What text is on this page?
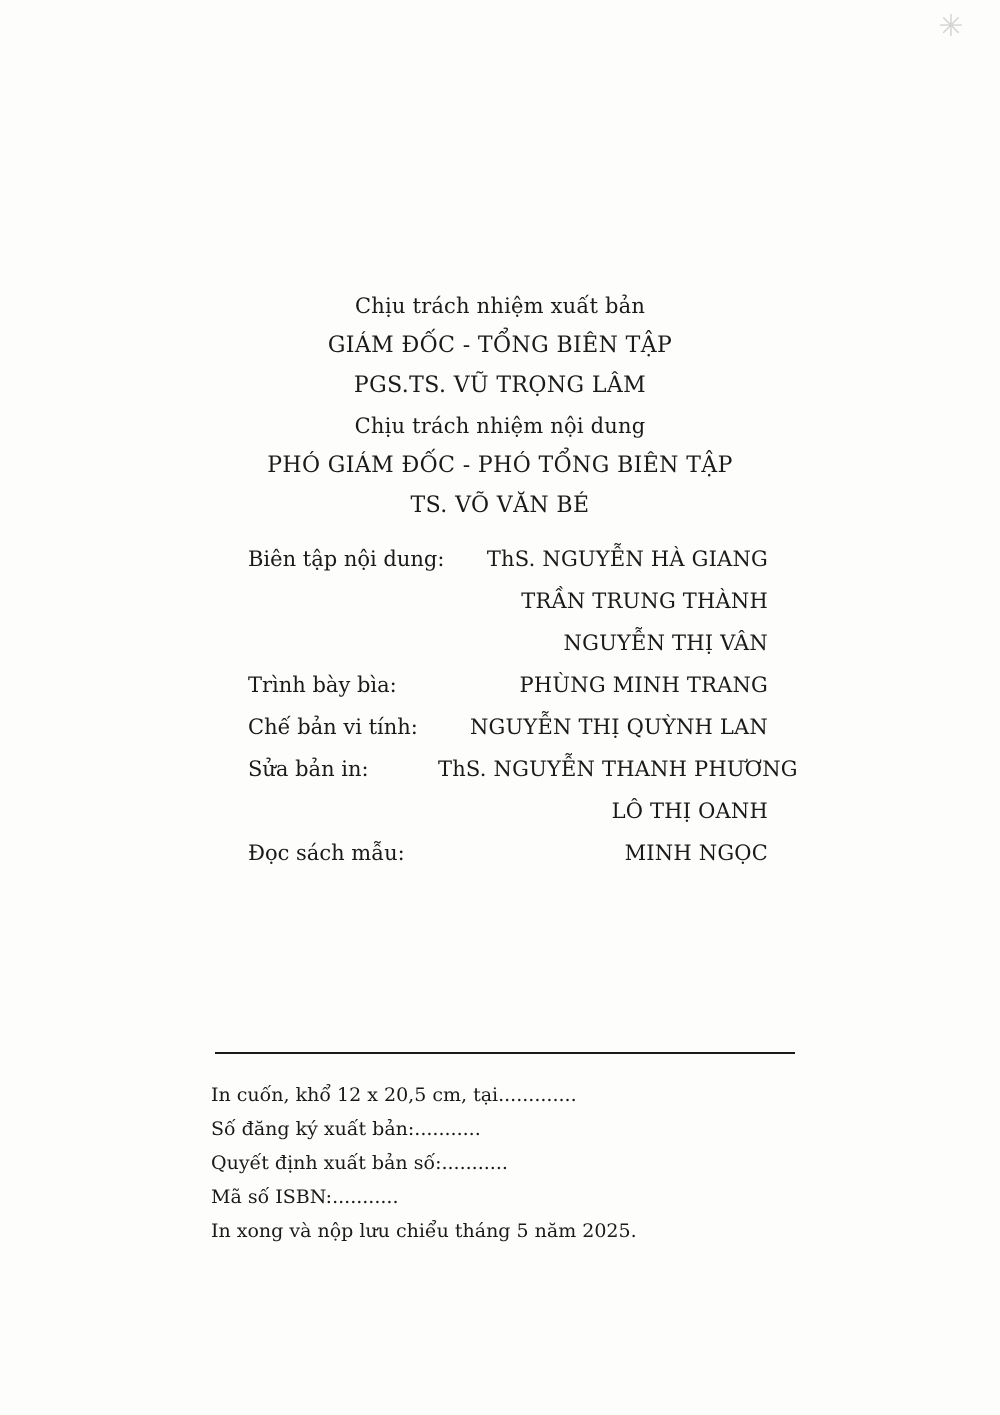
✳
Chịu trách nhiệm xuất bản
GIÁM ĐỐC - TỔNG BIÊN TẬP
PGS.TS. VŨ TRỌNG LÂM
Chịu trách nhiệm nội dung
PHÓ GIÁM ĐỐC - PHÓ TỔNG BIÊN TẬP
TS. VÕ VĂN BÉ
Biên tập nội dung:	ThS. NGUYỄN HÀ GIANG
TRẦN TRUNG THÀNH
NGUYỄN THỊ VÂN
Trình bày bìa:	PHÙNG MINH TRANG
Chế bản vi tính:	NGUYỄN THỊ QUỲNH LAN
Sửa bản in:	ThS. NGUYỄN THANH PHƯƠNG
LÔ THỊ OANH
Đọc sách mẫu:	MINH NGỌC
In cuốn, khổ 12 x 20,5 cm, tại.............
Số đăng ký xuất bản:...........
Quyết định xuất bản số:...........
Mã số ISBN:...........
In xong và nộp lưu chiểu tháng 5 năm 2025.
